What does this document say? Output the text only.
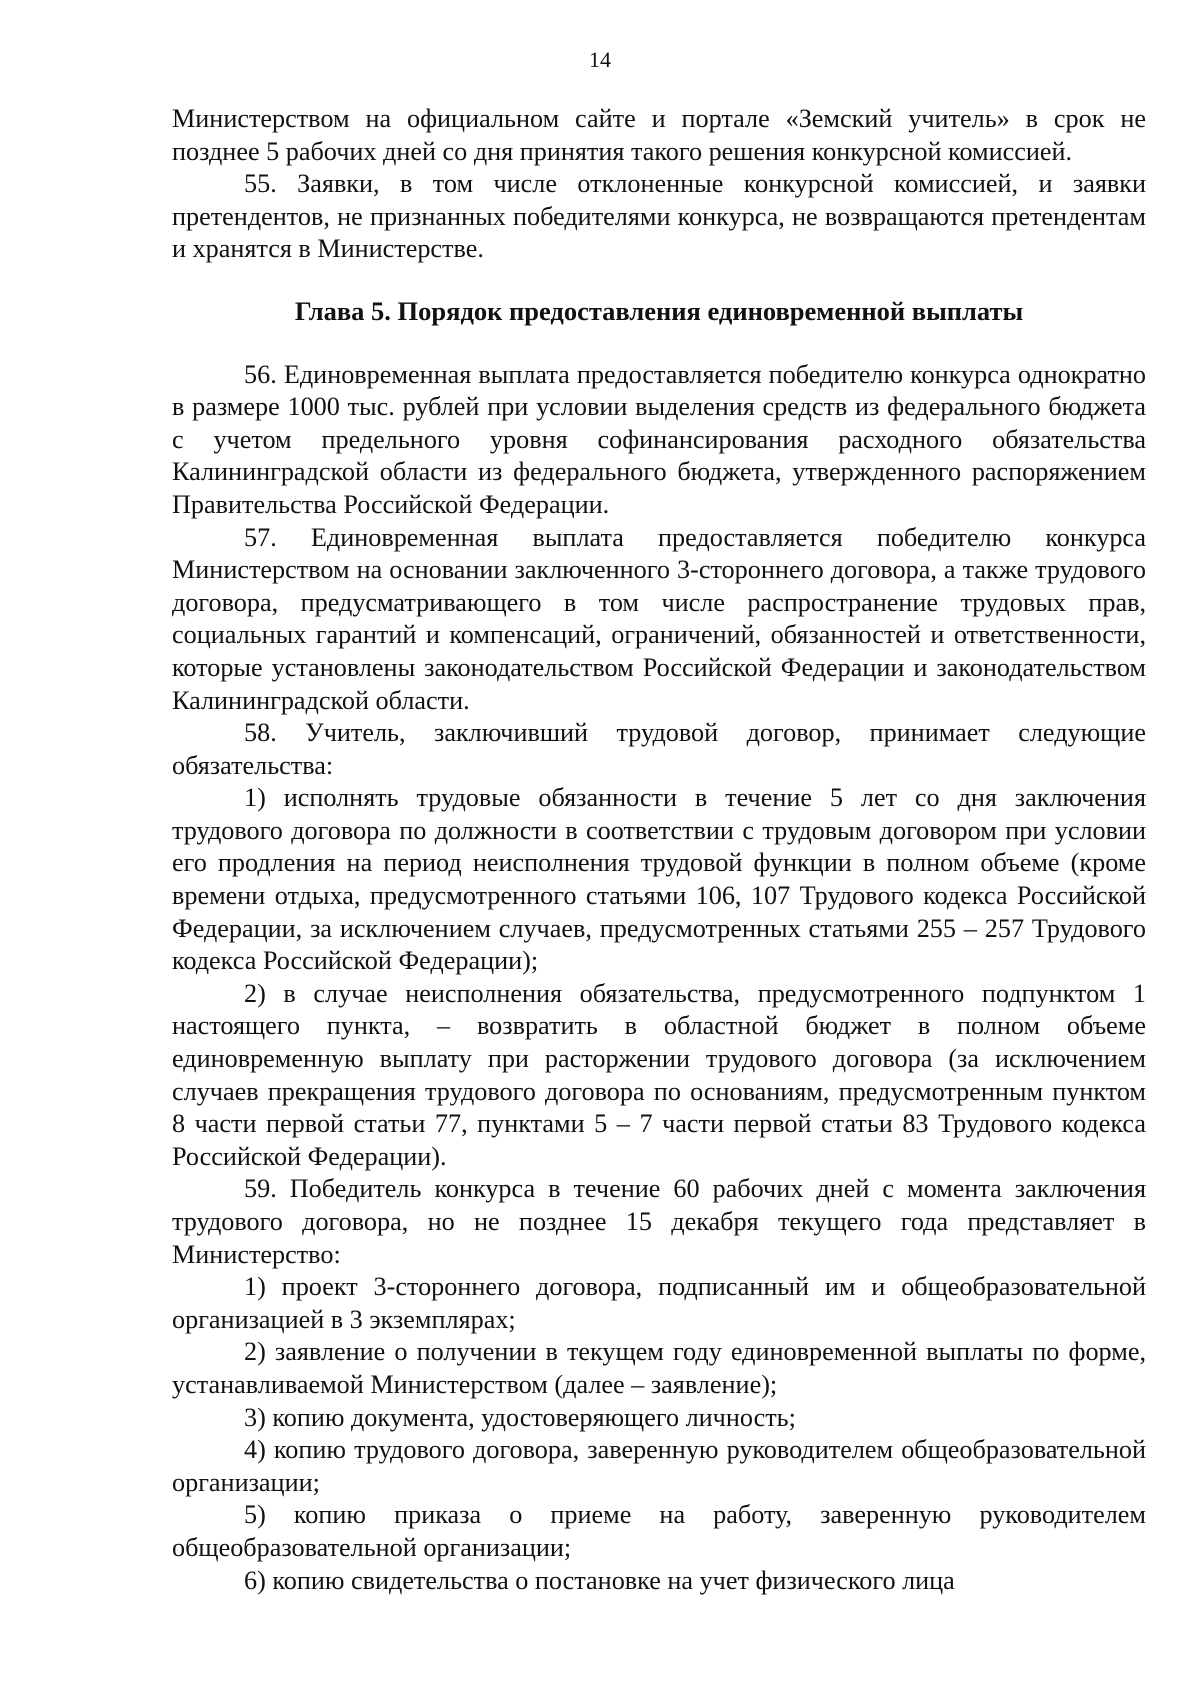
14

Министерством на официальном сайте и портале «Земский учитель» в срок не позднее 5 рабочих дней со дня принятия такого решения конкурсной комиссией.

55. Заявки, в том числе отклоненные конкурсной комиссией, и заявки претендентов, не признанных победителями конкурса, не возвращаются претендентам и хранятся в Министерстве.

Глава 5. Порядок предоставления единовременной выплаты

56. Единовременная выплата предоставляется победителю конкурса однократно в размере 1000 тыс. рублей при условии выделения средств из федерального бюджета с учетом предельного уровня софинансирования расходного обязательства Калининградской области из федерального бюджета, утвержденного распоряжением Правительства Российской Федерации.

57. Единовременная выплата предоставляется победителю конкурса Министерством на основании заключенного 3-стороннего договора, а также трудового договора, предусматривающего в том числе распространение трудовых прав, социальных гарантий и компенсаций, ограничений, обязанностей и ответственности, которые установлены законодательством Российской Федерации и законодательством Калининградской области.

58. Учитель, заключивший трудовой договор, принимает следующие обязательства:

1) исполнять трудовые обязанности в течение 5 лет со дня заключения трудового договора по должности в соответствии с трудовым договором при условии его продления на период неисполнения трудовой функции в полном объеме (кроме времени отдыха, предусмотренного статьями 106, 107 Трудового кодекса Российской Федерации, за исключением случаев, предусмотренных статьями 255 – 257 Трудового кодекса Российской Федерации);

2) в случае неисполнения обязательства, предусмотренного подпунктом 1 настоящего пункта, – возвратить в областной бюджет в полном объеме единовременную выплату при расторжении трудового договора (за исключением случаев прекращения трудового договора по основаниям, предусмотренным пунктом 8 части первой статьи 77, пунктами 5 – 7 части первой статьи 83 Трудового кодекса Российской Федерации).

59. Победитель конкурса в течение 60 рабочих дней с момента заключения трудового договора, но не позднее 15 декабря текущего года представляет в Министерство:

1) проект 3-стороннего договора, подписанный им и общеобразовательной организацией в 3 экземплярах;

2) заявление о получении в текущем году единовременной выплаты по форме, устанавливаемой Министерством (далее – заявление);

3) копию документа, удостоверяющего личность;

4) копию трудового договора, заверенную руководителем общеобразовательной организации;

5) копию приказа о приеме на работу, заверенную руководителем общеобразовательной организации;

6) копию свидетельства о постановке на учет физического лица
